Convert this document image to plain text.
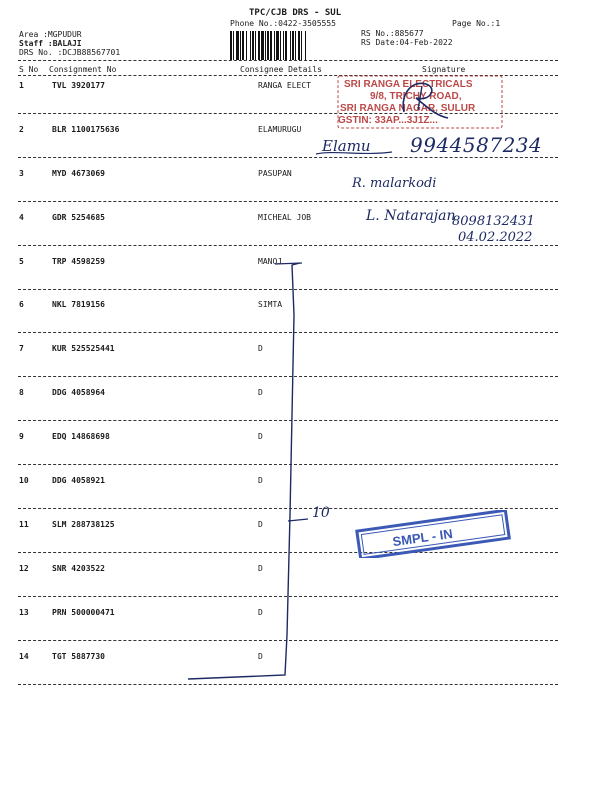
TPC/CJB DRS - SUL
Phone No.:0422-3505555
Area :MGPUDUR
Staff :BALAJI
DRS No. :DCJB88567701
RS No.:885677
RS Date:04-Feb-2022
Page No.:1
S No Consignment No	Consignee Details	Signature
1	TVL 3920177	RANGA ELECT
2	BLR 1100175636	ELAMURUGU
3	MYD 4673069	PASUPAN
4	GDR 5254685	MICHEAL JOB
5	TRP 4598259	MANOJ
6	NKL 7819156	SIMTA
7	KUR 525525441	D
8	DDG 4058964	D
9	EDQ 14868698	D
10	DDG 4058921	D
11	SLM 288738125	D
12	SNR 4203522	D
13	PRN 500000471	D
14	TGT 5887730	D
SRI RANGA ELECTRICALS
9/8, TRICHY ROAD,
SRI RANGA NAGAR, SULUR
GSTIN: 33AP...3J1Z...
Elamu 9944587234
R. malarkodi
L. Natarajan
8098132431
04.02.2022
10
SMPL - IN
